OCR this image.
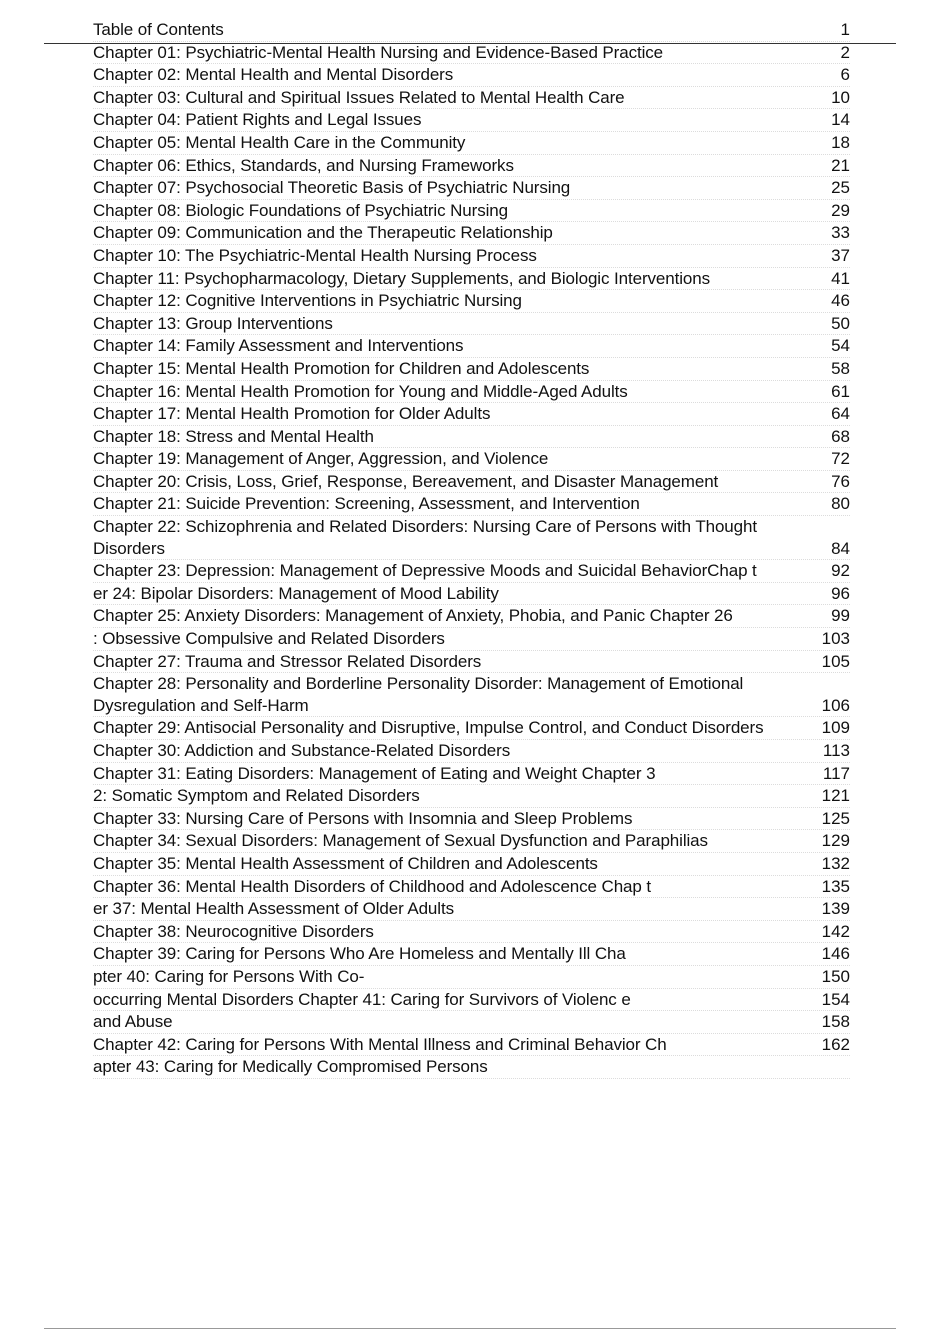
Table of Contents	1
Chapter 01: Psychiatric-Mental Health Nursing and Evidence-Based Practice	2
Chapter 02: Mental Health and Mental Disorders	6
Chapter 03: Cultural and Spiritual Issues Related to Mental Health Care	10
Chapter 04: Patient Rights and Legal Issues	14
Chapter 05: Mental Health Care in the Community	18
Chapter 06: Ethics, Standards, and Nursing Frameworks	21
Chapter 07: Psychosocial Theoretic Basis of Psychiatric Nursing	25
Chapter 08: Biologic Foundations of Psychiatric Nursing	29
Chapter 09: Communication and the Therapeutic Relationship	33
Chapter 10: The Psychiatric-Mental Health Nursing Process	37
Chapter 11: Psychopharmacology, Dietary Supplements, and Biologic Interventions	41
Chapter 12: Cognitive Interventions in Psychiatric Nursing	46
Chapter 13: Group Interventions	50
Chapter 14: Family Assessment and Interventions	54
Chapter 15: Mental Health Promotion for Children and Adolescents	58
Chapter 16: Mental Health Promotion for Young and Middle-Aged Adults	61
Chapter 17: Mental Health Promotion for Older Adults	64
Chapter 18: Stress and Mental Health	68
Chapter 19: Management of Anger, Aggression, and Violence	72
Chapter 20: Crisis, Loss, Grief, Response, Bereavement, and Disaster Management	76
Chapter 21: Suicide Prevention: Screening, Assessment, and Intervention	80
Chapter 22: Schizophrenia and Related Disorders: Nursing Care of Persons with Thought
Disorders	84
Chapter 23: Depression: Management of Depressive Moods and Suicidal BehaviorChap t	92
er 24: Bipolar Disorders: Management of Mood Lability	96
Chapter 25: Anxiety Disorders: Management of Anxiety, Phobia, and Panic Chapter 26	99
: Obsessive Compulsive and Related Disorders	103
Chapter 27: Trauma and Stressor Related Disorders	105
Chapter 28: Personality and Borderline Personality Disorder: Management of Emotional
Dysregulation and Self-Harm	106
Chapter 29: Antisocial Personality and Disruptive, Impulse Control, and Conduct Disorders	109
Chapter 30: Addiction and Substance-Related Disorders	113
Chapter 31: Eating Disorders: Management of Eating and Weight Chapter 3	117
2: Somatic Symptom and Related Disorders	121
Chapter 33: Nursing Care of Persons with Insomnia and Sleep Problems	125
Chapter 34: Sexual Disorders: Management of Sexual Dysfunction and Paraphilias	129
Chapter 35: Mental Health Assessment of Children and Adolescents	132
Chapter 36: Mental Health Disorders of Childhood and Adolescence Chap t	135
er 37: Mental Health Assessment of Older Adults	139
Chapter 38: Neurocognitive Disorders	142
Chapter 39: Caring for Persons Who Are Homeless and Mentally Ill Cha	146
pter 40: Caring for Persons With Co-	150
occurring Mental Disorders Chapter 41: Caring for Survivors of Violenc e	154
and Abuse	158
Chapter 42: Caring for Persons With Mental Illness and Criminal Behavior Ch	162
apter 43: Caring for Medically Compromised Persons
